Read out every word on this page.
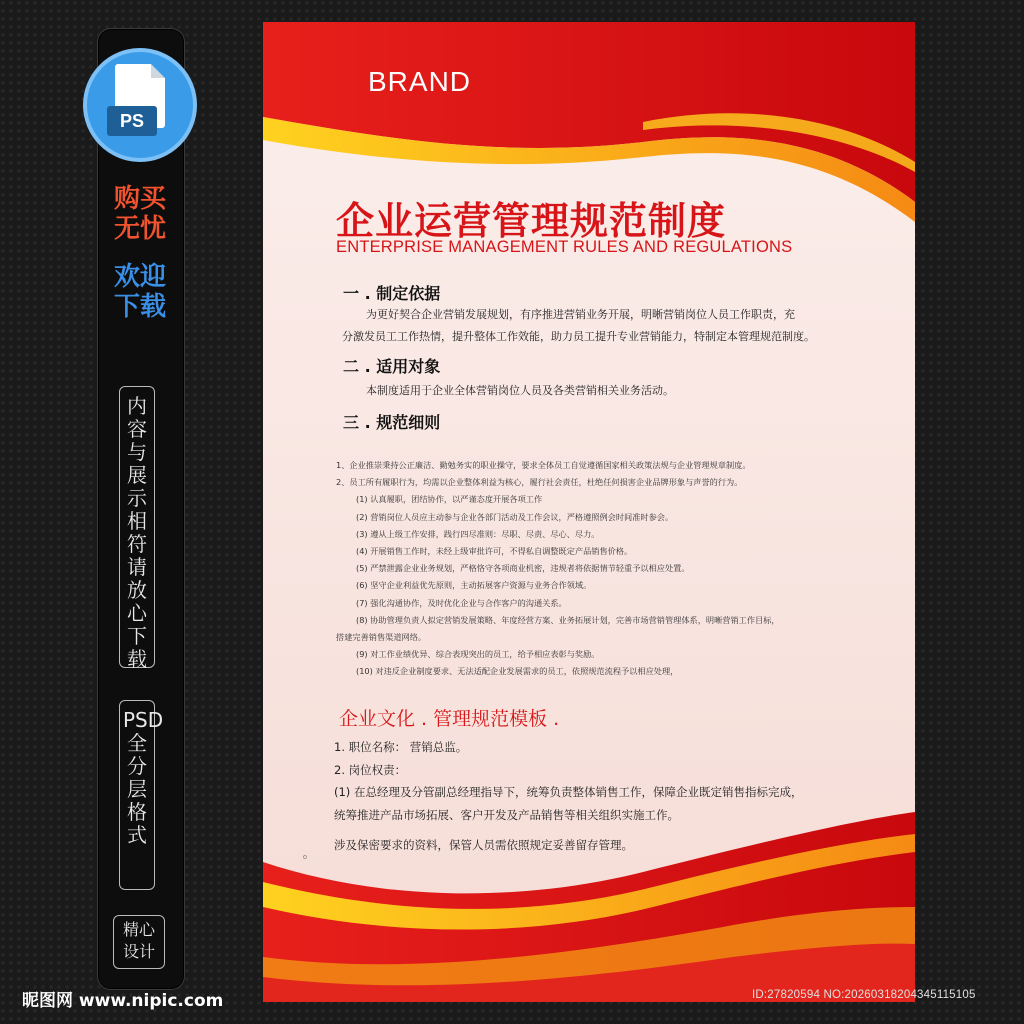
PS
购买
无忧
欢迎
下载
内容与展示相符请放心下载
PSD 全分层格式
精心
设计
BRAND
企业运营管理规范制度
ENTERPRISE MANAGEMENT RULES AND REGULATIONS
一 . 制定依据
为更好契合企业营销发展规划，有序推进营销业务开展，明晰营销岗位人员工作职责，充
分激发员工工作热情，提升整体工作效能，助力员工提升专业营销能力，特制定本管理规范制度。
二 . 适用对象
本制度适用于企业全体营销岗位人员及各类营销相关业务活动。
三 . 规范细则
1、企业推崇秉持公正廉洁、勤勉务实的职业操守，要求全体员工自觉遵循国家相关政策法规与企业管理规章制度。
2、员工所有履职行为，均需以企业整体利益为核心，履行社会责任，杜绝任何损害企业品牌形象与声誉的行为。
(1) 认真履职，团结协作，以严谨态度开展各项工作
(2) 营销岗位人员应主动参与企业各部门活动及工作会议，严格遵照例会时间准时参会。
(3) 遵从上级工作安排，践行四尽准则：尽职、尽责、尽心、尽力。
(4) 开展销售工作时，未经上级审批许可，不得私自调整既定产品销售价格。
(5) 严禁泄露企业业务规划，严格恪守各项商业机密，违规者将依据情节轻重予以相应处置。
(6) 坚守企业利益优先原则，主动拓展客户资源与业务合作领域。
(7) 强化沟通协作，及时优化企业与合作客户的沟通关系。
(8) 协助管理负责人拟定营销发展策略、年度经营方案、业务拓展计划，完善市场营销管理体系，明晰营销工作目标，
搭建完善销售渠道网络。
(9) 对工作业绩优异、综合表现突出的员工，给予相应表彰与奖励。
(10) 对违反企业制度要求、无法适配企业发展需求的员工，依照规范流程予以相应处理，
企业文化 . 管理规范模板 .
1. 职位名称： 营销总监。
2. 岗位权责：
(1) 在总经理及分管副总经理指导下，统筹负责整体销售工作，保障企业既定销售指标完成，
统筹推进产品市场拓展、客户开发及产品销售等相关组织实施工作。
涉及保密要求的资料，保管人员需依照规定妥善留存管理。
o
昵图网 www.nipic.com	ID:27820594 NO:20260318204345115105
